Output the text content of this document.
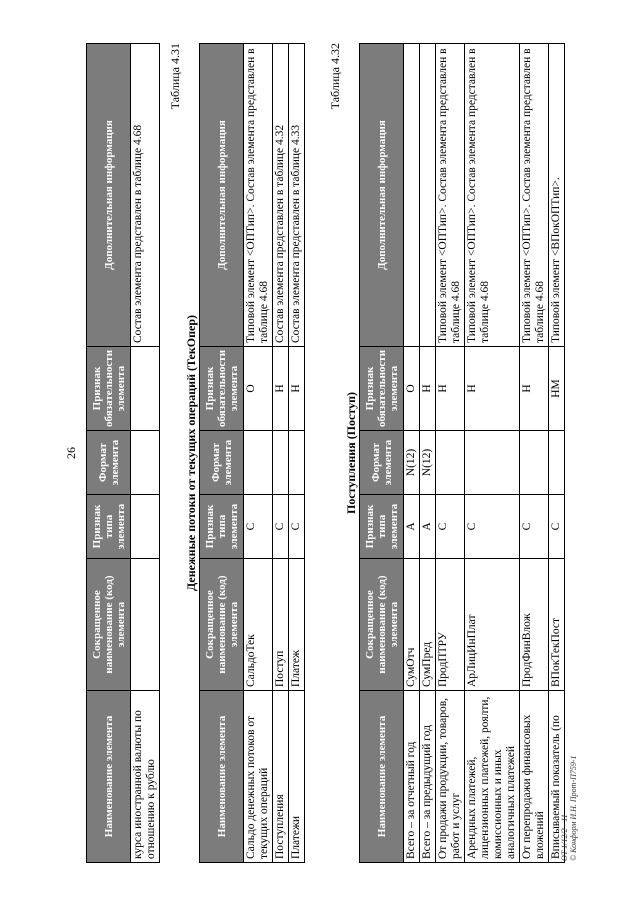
26
Наименование элемента	Сокращенное наименование (код) элемента	Признак типа элемента	Формат элемента	Признак обязательности элемента	Дополнительная информация
курса иностранной валюты по отношению к рублю					Состав элемента представлен в таблице 4.68
Таблица 4.31
Денежные потоки от текущих операций (ТекОпер)
Наименование элемента	Сокращенное наименование (код) элемента	Признак типа элемента	Формат элемента	Признак обязательности элемента	Дополнительная информация
Сальдо денежных потоков от текущих операций	СальдоТек	С		О	Типовой элемент <ОПТип>. Состав элемента представлен в таблице 4.68
Поступления	Поступ	С		Н	Состав элемента представлен в таблице 4.32
Платежи	Платеж	С		Н	Состав элемента представлен в таблице 4.33
Таблица 4.32
Поступления (Поступ)
Наименование элемента	Сокращенное наименование (код) элемента	Признак типа элемента	Формат элемента	Признак обязательности элемента	Дополнительная информация
Всего – за отчетный год	СумОтч	А	N(12)	О	
Всего – за предыдущий год	СумПред	А	N(12)	Н	
От продажи продукции, товаров, работ и услуг	ПродПТРУ	С		Н	Типовой элемент <ОПТип>. Состав элемента представлен в таблице 4.68
Арендных платежей, лицензионных платежей, роялти, комиссионных и иных аналогичных платежей	АрЛицИнПлат	С		Н	Типовой элемент <ОПТип>. Состав элемента представлен в таблице 4.68
От перепродажи финансовых вложений	ПродФинВлож	С		Н	Типовой элемент <ОПТип>. Состав элемента представлен в таблице 4.68
Вписываемый показатель (по	ВПокТекПост	С		НМ	Типовой элемент <ВПокОПТип>.
ОТ 1/12/2 - 11 © Конформ И.Н. Прот-П759-1
